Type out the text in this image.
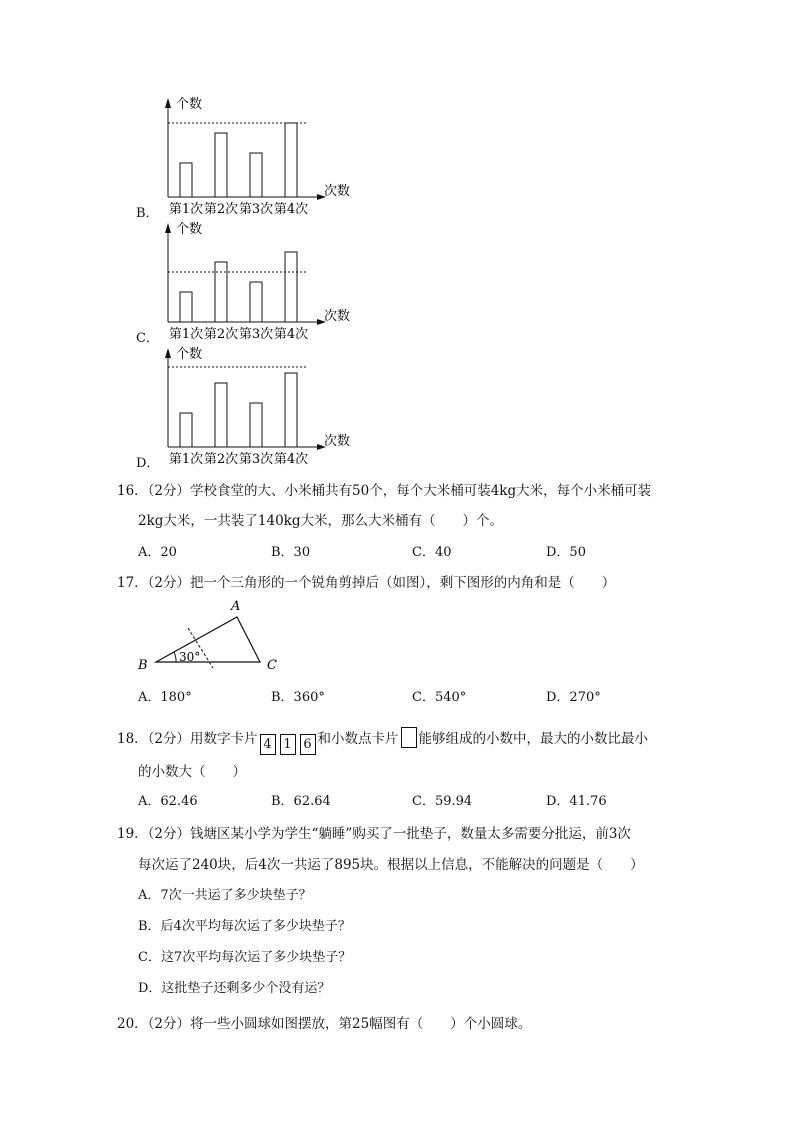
B．
个数
次数
第1次 第2次 第3次 第4次
C．
个数
次数
第1次 第2次 第3次 第4次
D．
个数
次数
第1次 第2次 第3次 第4次
16．（2分）学校食堂的大、小米桶共有50个，每个大米桶可装4kg大米，每个小米桶可装
2kg大米，一共装了140kg大米，那么大米桶有（　　）个。
A．20	B．30	C．40	D．50
17．（2分）把一个三角形的一个锐角剪掉后（如图），剩下图形的内角和是（　　）
A
B	C
30°
A．180°	B．360°	C．540°	D．270°
18．（2分）用数字卡片 4 1 6 和小数点卡片 能够组成的小数中，最大的小数比最小
的小数大（　　）
A．62.46	B．62.64	C．59.94	D．41.76
19．（2分）钱塘区某小学为学生“躺睡”购买了一批垫子，数量太多需要分批运，前3次
每次运了240块，后4次一共运了895块。根据以上信息，不能解决的问题是（　　）
A．7次一共运了多少块垫子？
B．后4次平均每次运了多少块垫子？
C．这7次平均每次运了多少块垫子？
D．这批垫子还剩多少个没有运？
20．（2分）将一些小圆球如图摆放，第25幅图有（　　）个小圆球。
